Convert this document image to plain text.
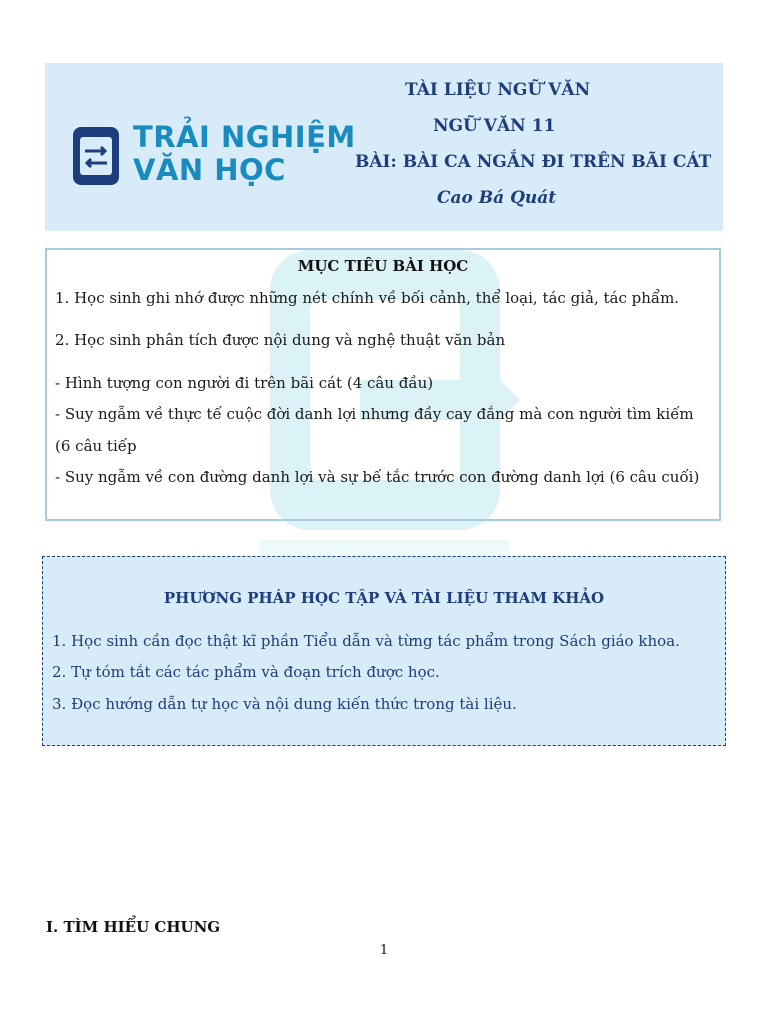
TRẢI NGHIỆM
VĂN HỌC
TÀI LIỆU NGỮ VĂN
NGỮ VĂN 11
BÀI: BÀI CA NGẮN ĐI TRÊN BÃI CÁT
Cao Bá Quát
MỤC TIÊU BÀI HỌC
1. Học sinh ghi nhớ được những nét chính về bối cảnh, thể loại, tác giả, tác phẩm.
2. Học sinh phân tích được nội dung và nghệ thuật văn bản
- Hình tượng con người đi trên bãi cát (4 câu đầu)
- Suy ngẫm về thực tế cuộc đời danh lợi nhưng đầy cay đắng mà con người tìm kiếm
(6 câu tiếp
- Suy ngẫm về con đường danh lợi và sự bế tắc trước con đường danh lợi (6 câu cuối)
PHƯƠNG PHÁP HỌC TẬP VÀ TÀI LIỆU THAM KHẢO
1. Học sinh cần đọc thật kĩ phần Tiểu dẫn và từng tác phẩm trong Sách giáo khoa.
2. Tự tóm tắt các tác phẩm và đoạn trích được học.
3. Đọc hướng dẫn tự học và nội dung kiến thức trong tài liệu.
I. TÌM HIỂU CHUNG
1
